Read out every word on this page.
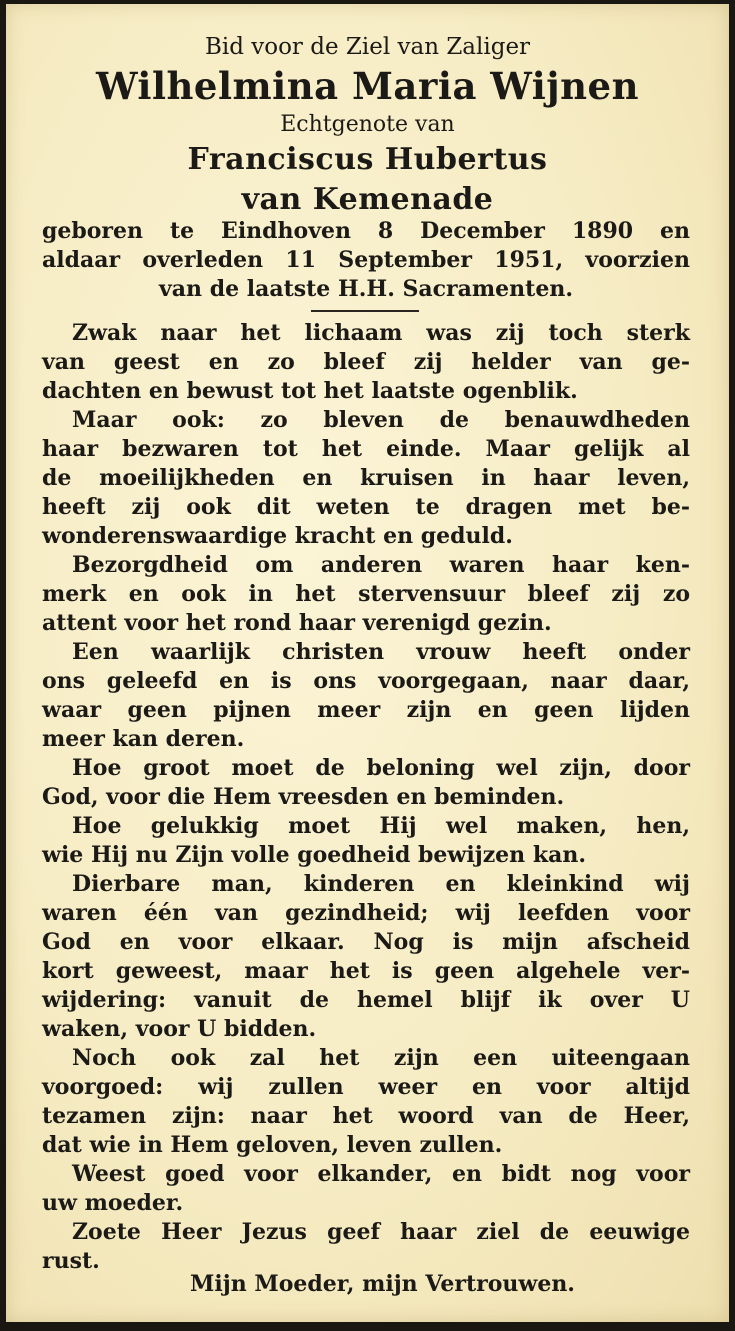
Bid voor de Ziel van Zaliger
Wilhelmina Maria Wijnen
Echtgenote van
Franciscus Hubertus
van Kemenade
geboren te Eindhoven 8 December 1890 en
aldaar overleden 11 September 1951, voorzien
van de laatste H.H. Sacramenten.
Zwak naar het lichaam was zij toch sterk
van geest en zo bleef zij helder van ge-
dachten en bewust tot het laatste ogenblik.
Maar ook: zo bleven de benauwdheden
haar bezwaren tot het einde. Maar gelijk al
de moeilijkheden en kruisen in haar leven,
heeft zij ook dit weten te dragen met be-
wonderenswaardige kracht en geduld.
Bezorgdheid om anderen waren haar ken-
merk en ook in het stervensuur bleef zij zo
attent voor het rond haar verenigd gezin.
Een waarlijk christen vrouw heeft onder
ons geleefd en is ons voorgegaan, naar daar,
waar geen pijnen meer zijn en geen lijden
meer kan deren.
Hoe groot moet de beloning wel zijn, door
God, voor die Hem vreesden en beminden.
Hoe gelukkig moet Hij wel maken, hen,
wie Hij nu Zijn volle goedheid bewijzen kan.
Dierbare man, kinderen en kleinkind wij
waren één van gezindheid; wij leefden voor
God en voor elkaar. Nog is mijn afscheid
kort geweest, maar het is geen algehele ver-
wijdering: vanuit de hemel blijf ik over U
waken, voor U bidden.
Noch ook zal het zijn een uiteengaan
voorgoed: wij zullen weer en voor altijd
tezamen zijn: naar het woord van de Heer,
dat wie in Hem geloven, leven zullen.
Weest goed voor elkander, en bidt nog voor
uw moeder.
Zoete Heer Jezus geef haar ziel de eeuwige
rust.
Mijn Moeder, mijn Vertrouwen.
